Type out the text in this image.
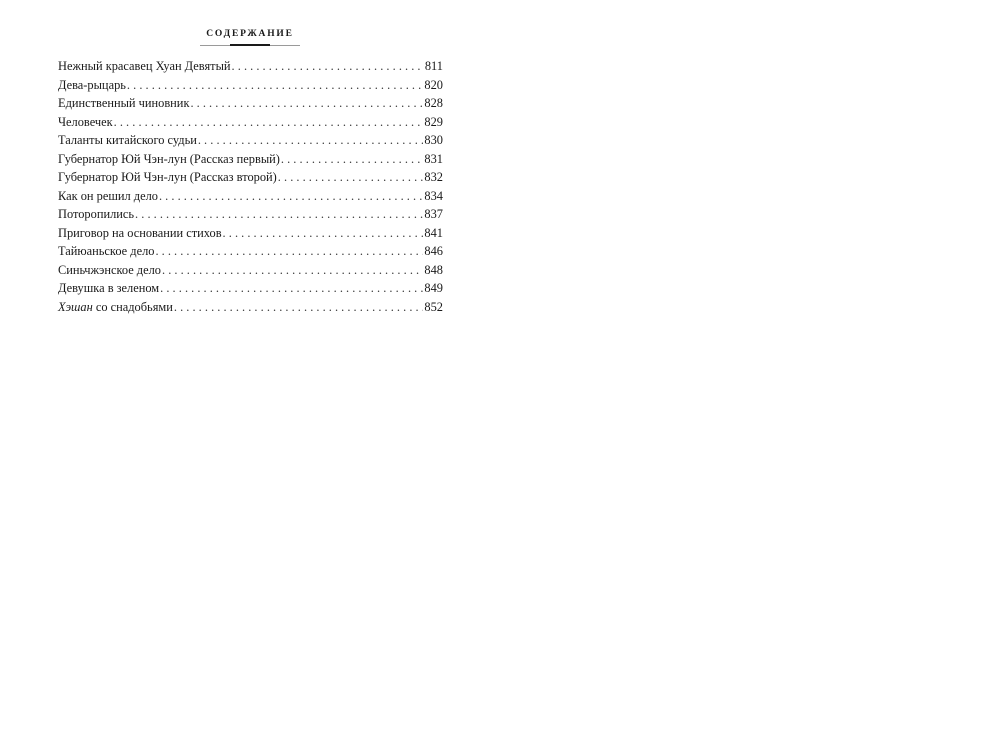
СОДЕРЖАНИЕ
Нежный красавец Хуан Девятый . . .	811
Дева-рыцарь . . .	820
Единственный чиновник . . .	828
Человечек . . .	829
Таланты китайского судьи . . .	830
Губернатор Юй Чэн-лун (Рассказ первый) . . .	831
Губернатор Юй Чэн-лун (Рассказ второй) . . .	832
Как он решил дело . . .	834
Поторопились . . .	837
Приговор на основании стихов . . .	841
Тайюаньское дело . . .	846
Синьчжэнское дело . . .	848
Девушка в зеленом . . .	849
Хэшан со снадобьями . . .	852
